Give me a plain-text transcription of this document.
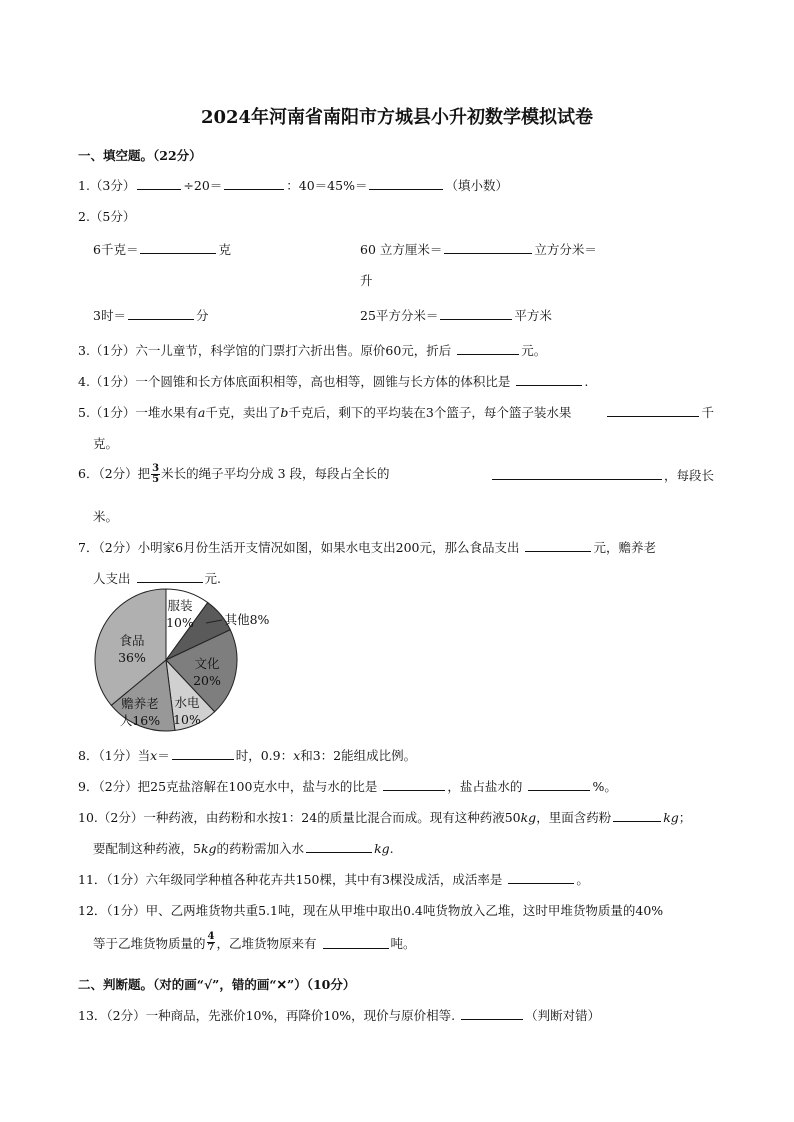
2024年河南省南阳市方城县小升初数学模拟试卷
一、填空题。（22分）
1.（3分）	÷20＝	：40＝45%＝	（填小数）
2.（5分）
6千克＝	克	60 立方厘米＝	立方分米＝
升
3时＝	分	25平方分米＝	平方米
3.（1分）六一儿童节，科学馆的门票打六折出售。原价60元，折后	元。
4.（1分）一个圆锥和长方体底面积相等，高也相等，圆锥与长方体的体积比是	.
5.（1分）一堆水果有a千克，卖出了b千克后，剩下的平均装在3个篮子，每个篮子装水果	千
克。
6．（2分）把 $\frac{3}{5}$ 米长的绳子平均分成 3 段，每段占全长的	，每段长
米。
7．（2分）小明家6月份生活开支情况如图，如果水电支出200元，那么食品支出	元，赡养老
人支出	元.
食品
36%
服装
10% 其他8%
文化
20%
水电
10%
赡养老
人16%
8．（1分）当x＝	时，0.9：x和3：2能组成比例。
9．（2分）把25克盐溶解在100克水中，盐与水的比是	，盐占盐水的	%。
10.（2分）一种药液，由药粉和水按1：24的质量比混合而成。现有这种药液50kg，里面含药粉	kg；
要配制这种药液，5kg的药粉需加入水	kg.
11．（1分）六年级同学种植各种花卉共150棵，其中有3棵没成活，成活率是	。
12．（1分）甲、乙两堆货物共重5.1吨，现在从甲堆中取出0.4吨货物放入乙堆，这时甲堆货物质量的40%
等于乙堆货物质量的 $\frac{4}{7}$ ，乙堆货物原来有	吨。
二、判断题。（对的画“√”，错的画“✕”）（10分）
13．（2分）一种商品，先涨价10%，再降价10%，现价与原价相等.	（判断对错）
